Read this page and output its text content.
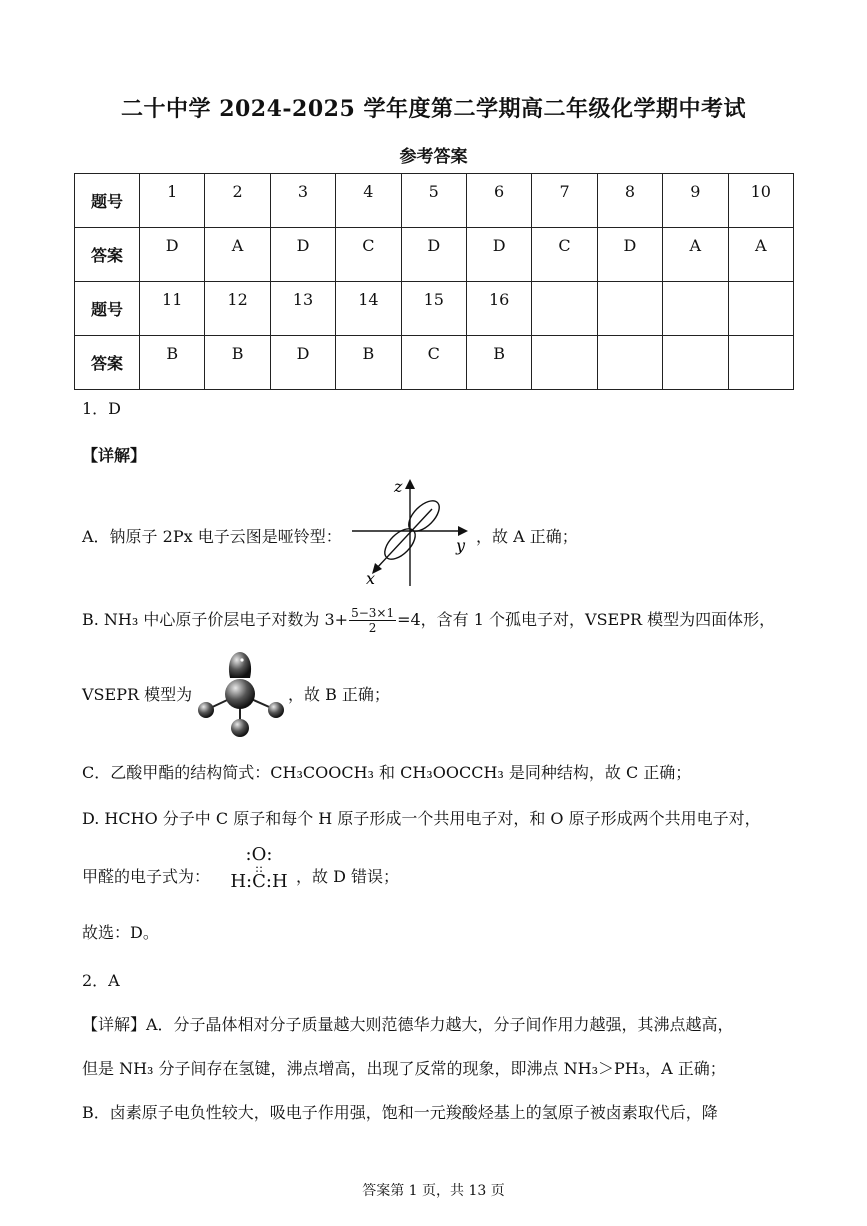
二十中学 2024-2025 学年度第二学期高二年级化学期中考试
参考答案
题号	1	2	3	4	5	6	7	8	9	10
答案	D	A	D	C	D	D	C	D	A	A
题号	11	12	13	14	15	16				
答案	B	B	D	B	C	B				
1．D
【详解】
A．钠原子 2Px 电子云图是哑铃型：
z
y
x
，故 A 正确；
B. NH₃ 中心原子价层电子对数为 $3+ \frac{5-3\times 1}{2} =4$，含有 1 个孤电子对，VSEPR 模型为四面体形，
VSEPR 模型为	，故 B 正确；
C．乙酸甲酯的结构简式：CH₃COOCH₃ 和 CH₃OOCCH₃ 是同种结构，故 C 正确；
D. HCHO 分子中 C 原子和每个 H 原子形成一个共用电子对，和 O 原子形成两个共用电子对，
甲醛的电子式为：
:O:
::
H:C:H ，故 D 错误；
故选：D。
2．A
【详解】A．分子晶体相对分子质量越大则范德华力越大，分子间作用力越强，其沸点越高，
但是 NH₃ 分子间存在氢键，沸点增高，出现了反常的现象，即沸点 NH₃＞PH₃，A 正确；
B．卤素原子电负性较大，吸电子作用强，饱和一元羧酸烃基上的氢原子被卤素取代后，降
答案第 1 页，共 13 页
